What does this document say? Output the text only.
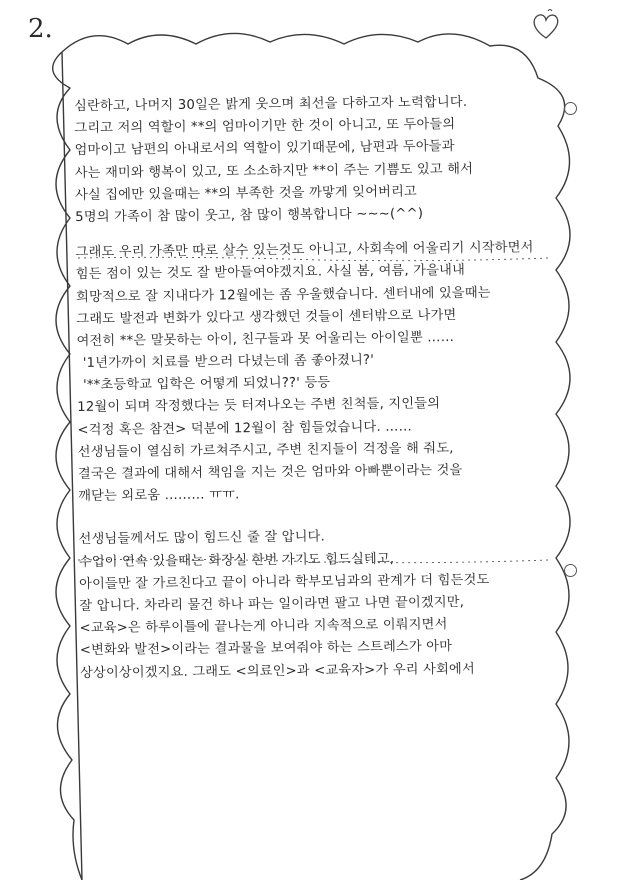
2.
심란하고, 나머지 30일은 밝게 웃으며 최선을 다하고자 노력합니다.
그리고 저의 역할이 **의 엄마이기만 한 것이 아니고, 또 두아들의
엄마이고 남편의 아내로서의 역할이 있기때문에, 남편과 두아들과
사는 재미와 행복이 있고, 또 소소하지만 **이 주는 기쁨도 있고 해서
사실 집에만 있을때는 **의 부족한 것을 까맣게 잊어버리고
5명의 가족이 참 많이 웃고, 참 많이 행복합니다 ~~~(^^)
그래도 우리 가족만 따로 살수 있는것도 아니고, 사회속에 어울리기 시작하면서
힘든 점이 있는 것도 잘 받아들여야겠지요. 사실 봄, 여름, 가을내내
희망적으로 잘 지내다가 12월에는 좀 우울했습니다. 센터내에 있을때는
그래도 발전과 변화가 있다고 생각했던 것들이 센터밖으로 나가면
여전히 **은 말못하는 아이, 친구들과 못 어울리는 아이일뿐 ……
'1년가까이 치료를 받으러 다녔는데 좀 좋아졌니?'
'**초등학교 입학은 어떻게 되었니??' 등등
12월이 되며 작정했다는 듯 터져나오는 주변 친척들, 지인들의
<걱정 혹은 참견> 덕분에 12월이 참 힘들었습니다. ……
선생님들이 열심히 가르쳐주시고, 주변 친지들이 걱정을 해 줘도,
결국은 결과에 대해서 책임을 지는 것은 엄마와 아빠뿐이라는 것을
깨닫는 외로움 ……… ㅠㅠ.
선생님들께서도 많이 힘드신 줄 잘 압니다.
수업이 연속 있을때는 화장실 한번 가기도 힘드실테고,
아이들만 잘 가르친다고 끝이 아니라 학부모님과의 관계가 더 힘든것도
잘 압니다. 차라리 물건 하나 파는 일이라면 팔고 나면 끝이겠지만,
<교육>은 하루이틀에 끝나는게 아니라 지속적으로 이뤄지면서
<변화와 발전>이라는 결과물을 보여줘야 하는 스트레스가 아마
상상이상이겠지요. 그래도 <의료인>과 <교육자>가 우리 사회에서
